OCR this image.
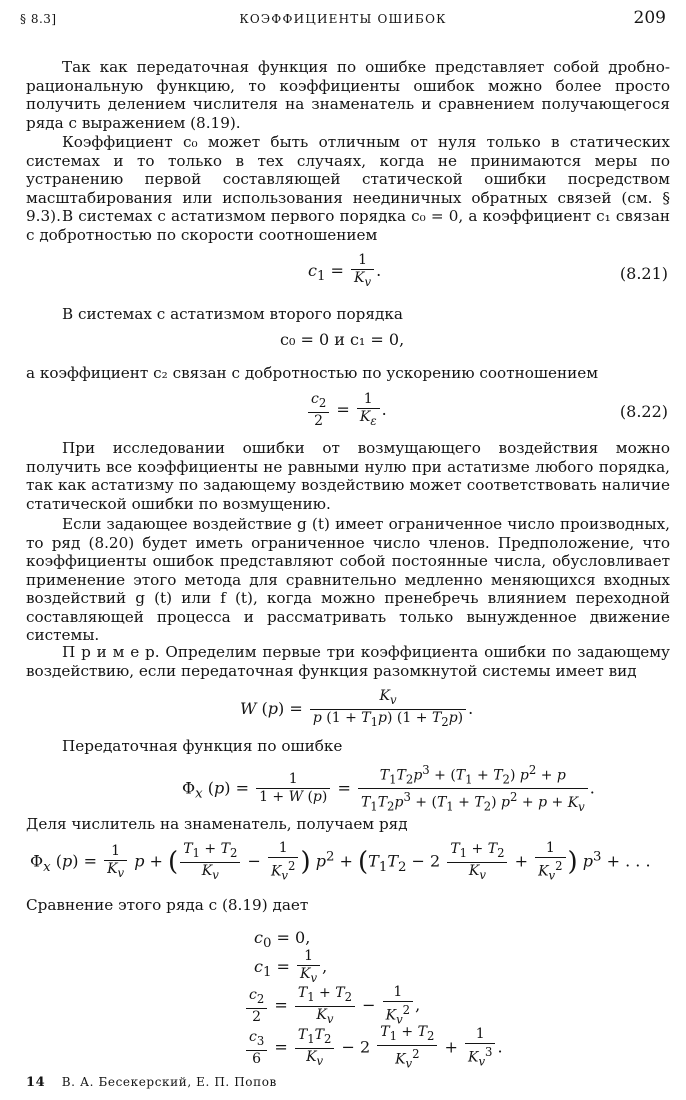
§ 8.3]	КОЭФФИЦИЕНТЫ ОШИБОК	209

Так как передаточная функция по ошибке представляет собой дробно-рациональную функцию, то коэффициенты ошибок можно более просто получить делением числителя на знаменатель и сравнением получающегося ряда с выражением (8.19).

Коэффициент c₀ может быть отличным от нуля только в статических системах и то только в тех случаях, когда не принимаются меры по устранению первой составляющей статической ошибки посредством масштабирования или использования неединичных обратных связей (см. § 9.3). В системах с астатизмом первого порядка c₀ = 0, а коэффициент c₁ связан с добротностью по скорости соотношением

$c_1 = \frac{1}{K_v}$ .	(8.21)

В системах с астатизмом второго порядка

c₀ = 0 и c₁ = 0,

а коэффициент c₂ связан с добротностью по ускорению соотношением

$\frac{c_2}{2} = \frac{1}{K_\varepsilon}$ .	(8.22)

При исследовании ошибки от возмущающего воздействия можно получить все коэффициенты не равными нулю при астатизме любого порядка, так как астатизму по задающему воздействию может соответствовать наличие статической ошибки по возмущению.

Если задающее воздействие g (t) имеет ограниченное число производных, то ряд (8.20) будет иметь ограниченное число членов. Предположение, что коэффициенты ошибок представляют собой постоянные числа, обусловливает применение этого метода для сравнительно медленно меняющихся входных воздействий g (t) или f (t), когда можно пренебречь влиянием переходной составляющей процесса и рассматривать только вынужденное движение системы.

П р и м е р. Определим первые три коэффициента ошибки по задающему воздействию, если передаточная функция разомкнутой системы имеет вид

W $(p) = \frac{K_v}{p (1 + T_1p) (1 + T_2p)}$ .

Передаточная функция по ошибке

$\Phi_x$ $(p) = \frac{1}{1 + W (p)} = \frac{T_1T_2p^3 + (T_1 + T_2) p^2 + p}{T_1T_2p^3 + (T_1 + T_2) p^2 + p + K_v}$ .

Деля числитель на знаменатель, получаем ряд

$\Phi_x$ $(p) = \frac{1}{K_v}$ p + ( $\frac{T_1 + T_2}{K_v} - \frac{1}{K_v^2}$ ) $p^2 + (T_1T_2 - 2 \frac{T_1 + T_2}{K_v} + \frac{1}{K_v^2}$ ) $p^3$ + . . .

Сравнение этого ряда с (8.19) дает

$c_0 = 0$,
$c_1 = \frac{1}{K_v}$ ,
$\frac{c_2}{2} = \frac{T_1 + T_2}{K_v} - \frac{1}{K_v^2}$ ,
$\frac{c_3}{6} = \frac{T_1T_2}{K_v} - 2 \frac{T_1 + T_2}{K_v^2} + \frac{1}{K_v^3}$ .
14 В. А. Бесекерский, Е. П. Попов
